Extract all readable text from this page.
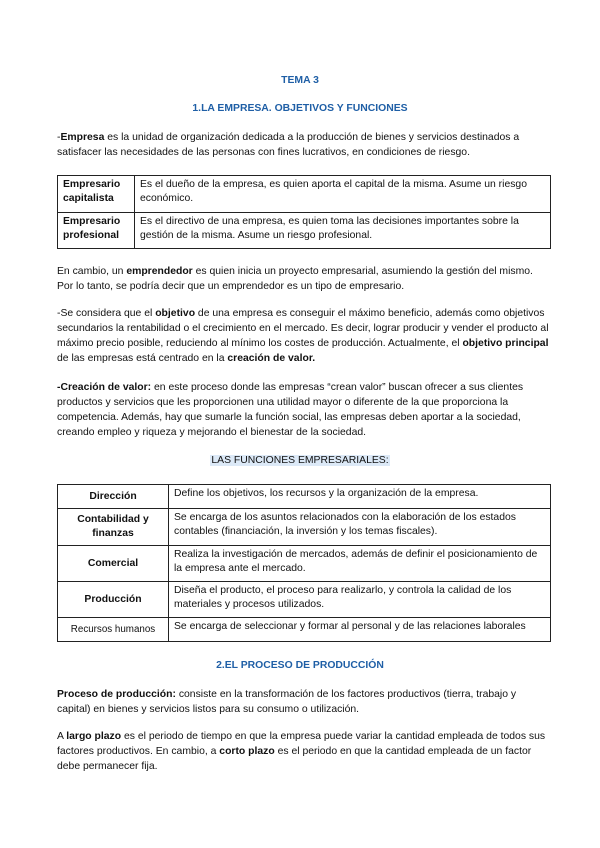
TEMA 3
1.LA EMPRESA. OBJETIVOS Y FUNCIONES

-Empresa es la unidad de organización dedicada a la producción de bienes y servicios destinados a satisfacer las necesidades de las personas con fines lucrativos, en condiciones de riesgo.

Empresario capitalista	Es el dueño de la empresa, es quien aporta el capital de la misma. Asume un riesgo económico.
Empresario profesional	Es el directivo de una empresa, es quien toma las decisiones importantes sobre la gestión de la misma. Asume un riesgo profesional.

En cambio, un emprendedor es quien inicia un proyecto empresarial, asumiendo la gestión del mismo. Por lo tanto, se podría decir que un emprendedor es un tipo de empresario.

-Se considera que el objetivo de una empresa es conseguir el máximo beneficio, además como objetivos secundarios la rentabilidad o el crecimiento en el mercado. Es decir, lograr producir y vender el producto al máximo precio posible, reduciendo al mínimo los costes de producción. Actualmente, el objetivo principal de las empresas está centrado en la creación de valor.

-Creación de valor: en este proceso donde las empresas “crean valor” buscan ofrecer a sus clientes productos y servicios que les proporcionen una utilidad mayor o diferente de la que proporciona la competencia. Además, hay que sumarle la función social, las empresas deben aportar a la sociedad, creando empleo y riqueza y mejorando el bienestar de la sociedad.

LAS FUNCIONES EMPRESARIALES:
Dirección	Define los objetivos, los recursos y la organización de la empresa.
Contabilidad y finanzas	Se encarga de los asuntos relacionados con la elaboración de los estados contables (financiación, la inversión y los temas fiscales).
Comercial	Realiza la investigación de mercados, además de definir el posicionamiento de la empresa ante el mercado.
Producción	Diseña el producto, el proceso para realizarlo, y controla la calidad de los materiales y procesos utilizados.
Recursos humanos	Se encarga de seleccionar y formar al personal y de las relaciones laborales
2.EL PROCESO DE PRODUCCIÓN

Proceso de producción: consiste en la transformación de los factores productivos (tierra, trabajo y capital) en bienes y servicios listos para su consumo o utilización.

A largo plazo es el periodo de tiempo en que la empresa puede variar la cantidad empleada de todos sus factores productivos. En cambio, a corto plazo es el periodo en que la cantidad empleada de un factor debe permanecer fija.
